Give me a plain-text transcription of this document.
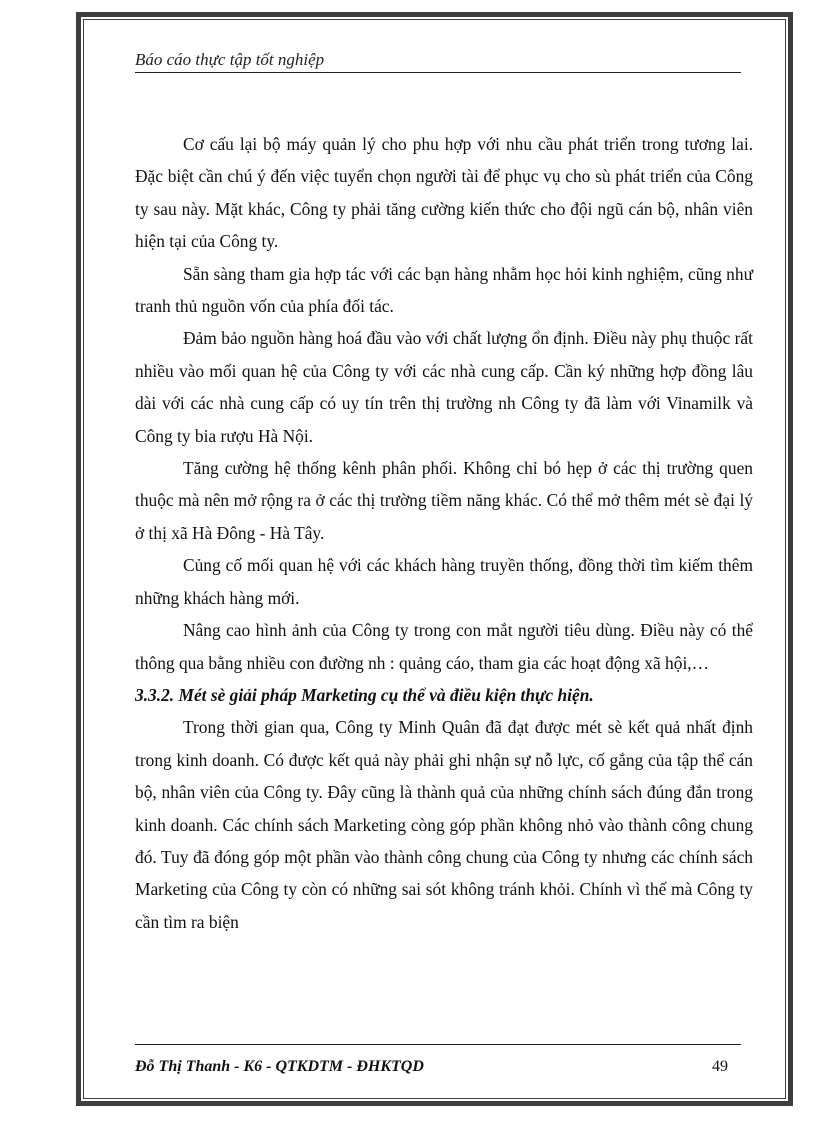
Báo cáo thực tập tốt nghiệp

Cơ cấu lại bộ máy quản lý cho phu hợp với nhu cầu phát triển trong tương lai. Đặc biệt cần chú ý đến việc tuyển chọn người tài để phục vụ cho sù phát triển của Công ty sau này. Mặt khác, Công ty phải tăng cường kiến thức cho đội ngũ cán bộ, nhân viên hiện tại của Công ty.

Sẵn sàng tham gia hợp tác với các bạn hàng nhằm học hỏi kinh nghiệm, cũng như tranh thủ nguồn vốn của phía đối tác.

Đảm bảo nguồn hàng hoá đầu vào với chất lượng ổn định. Điều này phụ thuộc rất nhiều vào mối quan hệ của Công ty với các nhà cung cấp. Cần ký những hợp đồng lâu dài với các nhà cung cấp có uy tín trên thị trường nh Công ty đã làm với Vinamilk và Công ty bia rượu Hà Nội.

Tăng cường hệ thống kênh phân phối. Không chỉ bó hẹp ở các thị trường quen thuộc mà nên mở rộng ra ở các thị trường tiềm năng khác. Có thể mở thêm mét sè đại lý ở thị xã Hà Đông - Hà Tây.

Củng cố mối quan hệ với các khách hàng truyền thống, đồng thời tìm kiếm thêm những khách hàng mới.

Nâng cao hình ảnh của Công ty trong con mắt người tiêu dùng. Điều này có thể thông qua bằng nhiều con đường nh : quảng cáo, tham gia các hoạt động xã hội,…

3.3.2. Mét sè giải pháp Marketing cụ thể và điều kiện thực hiện.

Trong thời gian qua, Công ty Minh Quân đã đạt được mét sè kết quả nhất định trong kinh doanh. Có được kết quả này phải ghi nhận sự nỗ lực, cố gắng của tập thể cán bộ, nhân viên của Công ty. Đây cũng là thành quả của những chính sách đúng đắn trong kinh doanh. Các chính sách Marketing còng góp phần không nhỏ vào thành công chung đó. Tuy đã đóng góp một phần vào thành công chung của Công ty nhưng các chính sách Marketing của Công ty còn có những sai sót không tránh khỏi. Chính vì thế mà Công ty cần tìm ra biện

Đỗ Thị Thanh - K6 - QTKDTM - ĐHKTQD	49
